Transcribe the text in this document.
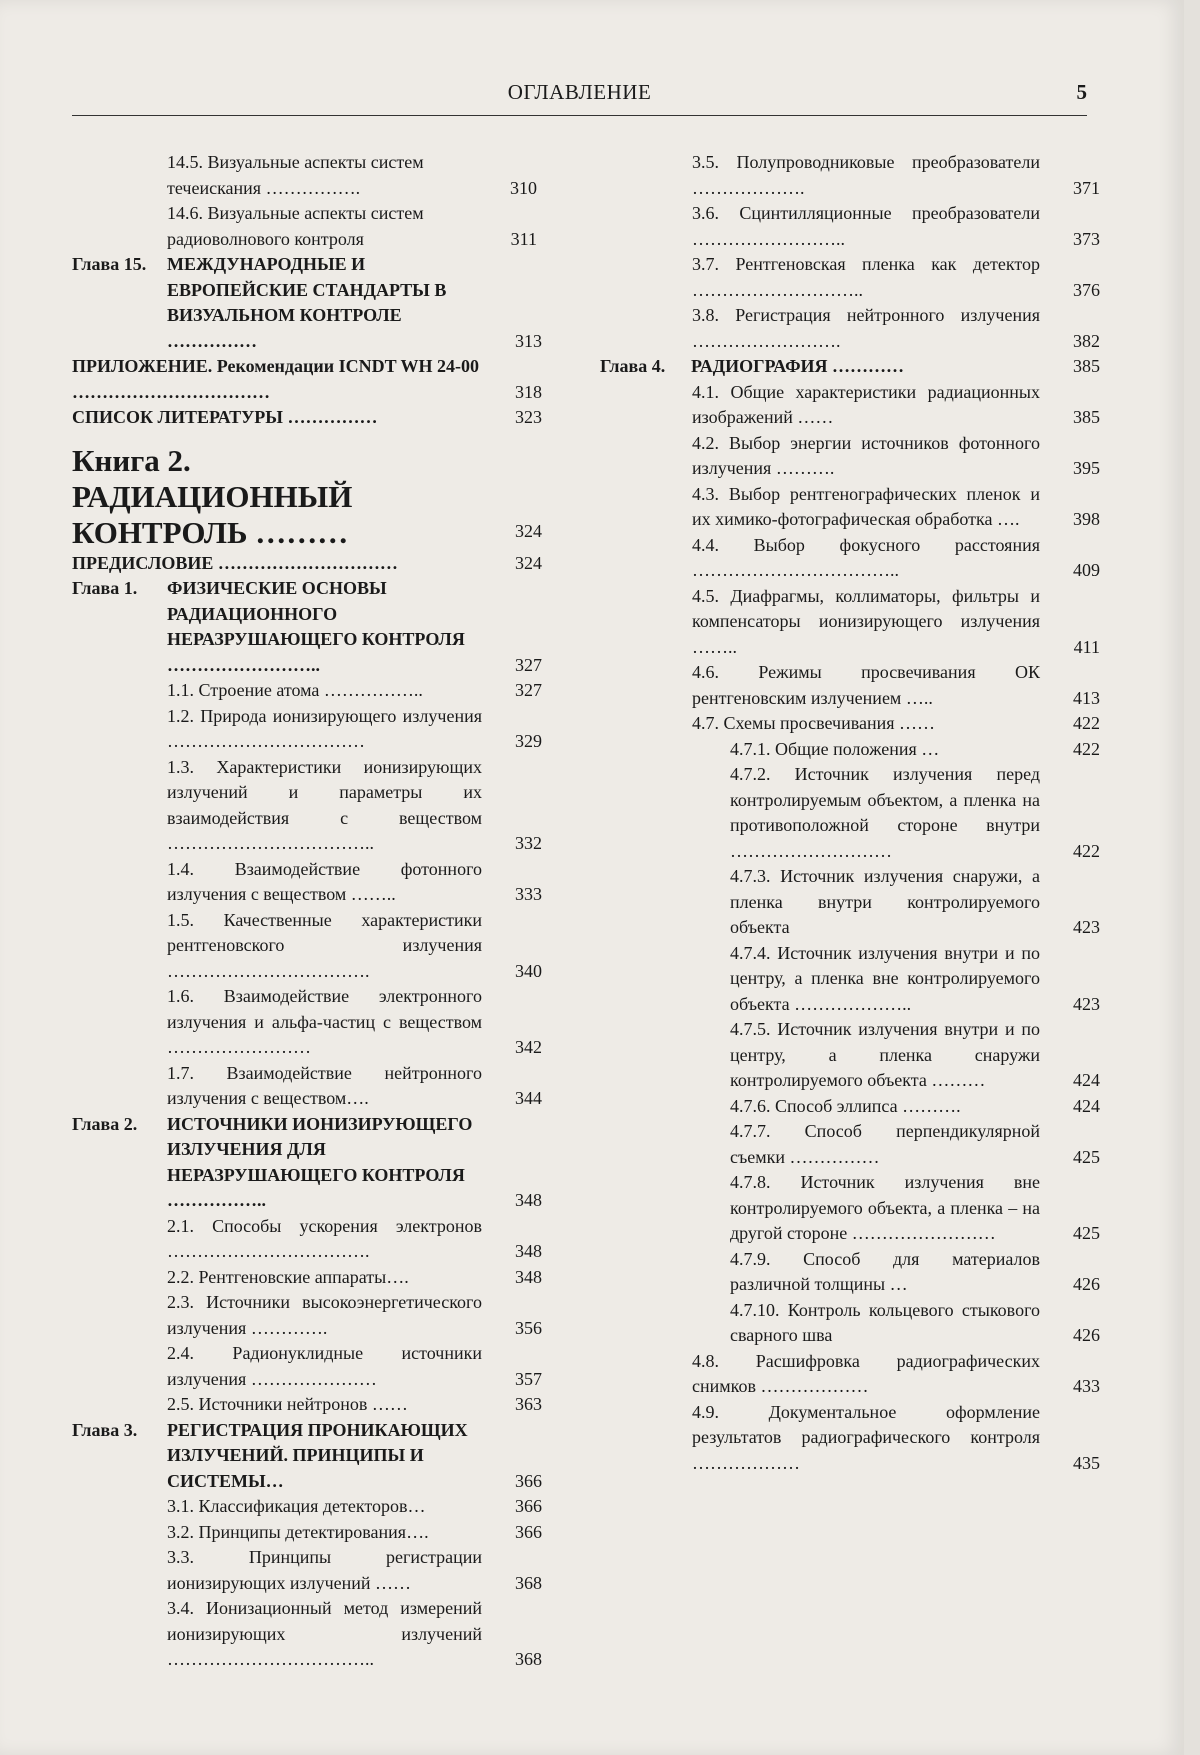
ОГЛАВЛЕНИЕ	5
14.5. Визуальные аспекты систем течеискания …………….	310
14.6. Визуальные аспекты систем радиоволнового контроля	311
Глава 15. МЕЖДУНАРОДНЫЕ И ЕВРОПЕЙСКИЕ СТАНДАРТЫ В ВИЗУАЛЬНОМ КОНТРОЛЕ ……………	313
ПРИЛОЖЕНИЕ. Рекомендации ICNDT WH 24-00 ……………………………	318
СПИСОК ЛИТЕРАТУРЫ ……………	323
Книга 2. РАДИАЦИОННЫЙ КОНТРОЛЬ ………	324
ПРЕДИСЛОВИЕ …………………………	324
Глава 1. ФИЗИЧЕСКИЕ ОСНОВЫ РАДИАЦИОННОГО НЕРАЗРУШАЮЩЕГО КОНТРОЛЯ ……………………..	327
1.1. Строение атома ……………..	327
1.2. Природа ионизирующего излучения ……………………………	329
1.3. Характеристики ионизирующих излучений и параметры их взаимодействия с веществом ……………………………..	332
1.4. Взаимодействие фотонного излучения с веществом ……..	333
1.5. Качественные характеристики рентгеновского излучения …………………………….	340
1.6. Взаимодействие электронного излучения и альфа-частиц с веществом ……………………	342
1.7. Взаимодействие нейтронного излучения с веществом….	344
Глава 2. ИСТОЧНИКИ ИОНИЗИРУЮЩЕГО ИЗЛУЧЕНИЯ ДЛЯ НЕРАЗРУШАЮЩЕГО КОНТРОЛЯ ……………..	348
2.1. Способы ускорения электронов …………………………….	348
2.2. Рентгеновские аппараты….	348
2.3. Источники высокоэнергетического излучения ………….	356
2.4. Радионуклидные источники излучения …………………	357
2.5. Источники нейтронов ……	363
Глава 3. РЕГИСТРАЦИЯ ПРОНИКАЮЩИХ ИЗЛУЧЕНИЙ. ПРИНЦИПЫ И СИСТЕМЫ…	366
3.1. Классификация детекторов…	366
3.2. Принципы детектирования….	366
3.3. Принципы регистрации ионизирующих излучений ……	368
3.4. Ионизационный метод измерений ионизирующих излучений ……………………………..	368
3.5. Полупроводниковые преобразователи ……………….	371
3.6. Сцинтилляционные преобразователи ……………………..	373
3.7. Рентгеновская пленка как детектор ………………………..	376
3.8. Регистрация нейтронного излучения …………………….	382
Глава 4. РАДИОГРАФИЯ …………	385
4.1. Общие характеристики радиационных изображений ……	385
4.2. Выбор энергии источников фотонного излучения ……….	395
4.3. Выбор рентгенографических пленок и их химико-фотографическая обработка ….	398
4.4. Выбор фокусного расстояния ……………………………..	409
4.5. Диафрагмы, коллиматоры, фильтры и компенсаторы ионизирующего излучения ……..	411
4.6. Режимы просвечивания ОК рентгеновским излучением …..	413
4.7. Схемы просвечивания ……	422
4.7.1. Общие положения …	422
4.7.2. Источник излучения перед контролируемым объектом, а пленка на противоположной стороне внутри ………………………	422
4.7.3. Источник излучения снаружи, а пленка внутри контролируемого объекта	423
4.7.4. Источник излучения внутри и по центру, а пленка вне контролируемого объекта ………………..	423
4.7.5. Источник излучения внутри и по центру, а пленка снаружи контролируемого объекта ………	424
4.7.6. Способ эллипса ……….	424
4.7.7. Способ перпендикулярной съемки ……………	425
4.7.8. Источник излучения вне контролируемого объекта, а пленка – на другой стороне ……………………	425
4.7.9. Способ для материалов различной толщины …	426
4.7.10. Контроль кольцевого стыкового сварного шва	426
4.8. Расшифровка радиографических снимков ………………	433
4.9. Документальное оформление результатов радиографического контроля ………………	435
